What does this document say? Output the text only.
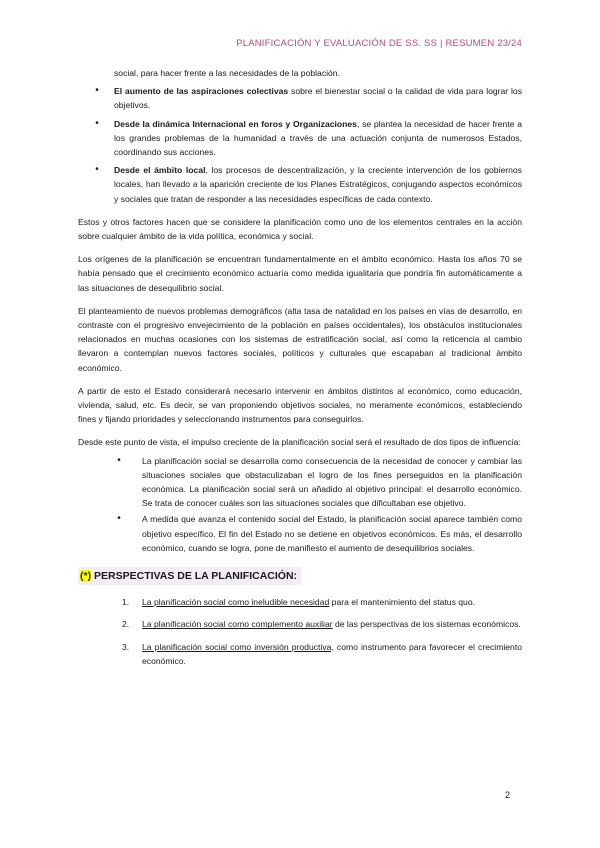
PLANIFICACIÓN Y EVALUACIÓN DE SS. SS | RESUMEN 23/24
social, para hacer frente a las necesidades de la población.
•	El aumento de las aspiraciones colectivas sobre el bienestar social o la calidad de vida para lograr los objetivos.
•	Desde la dinámica Internacional en foros y Organizaciones, se plantea la necesidad de hacer frente a los grandes problemas de la humanidad a través de una actuación conjunta de numerosos Estados, coordinando sus acciones.
•	Desde el ámbito local, los procesos de descentralización, y la creciente intervención de los gobiernos locales, han llevado a la aparición creciente de los Planes Estratégicos, conjugando aspectos económicos y sociales que tratan de responder a las necesidades específicas de cada contexto.

Estos y otros factores hacen que se considere la planificación como uno de los elementos centrales en la acción sobre cualquier ámbito de la vida política, económica y social.

Los orígenes de la planificación se encuentran fundamentalmente en el ámbito económico. Hasta los años 70 se había pensado que el crecimiento económico actuaría como medida igualitaria que pondría fin automáticamente a las situaciones de desequilibrio social.

El planteamiento de nuevos problemas demográficos (alta tasa de natalidad en los países en vías de desarrollo, en contraste con el progresivo envejecimiento de la población en países occidentales), los obstáculos institucionales relacionados en muchas ocasiones con los sistemas de estratificación social, así como la reticencia al cambio llevaron a contemplan nuevos factores sociales, políticos y culturales que escapaban al tradicional ámbito económico.

A partir de esto el Estado considerará necesario intervenir en ámbitos distintos al económico, como educación, vivienda, salud, etc. Es decir, se van proponiendo objetivos sociales, no meramente económicos, estableciendo fines y fijando prioridades y seleccionando instrumentos para conseguirlos.

Desde este punto de vista, el impulso creciente de la planificación social será el resultado de dos tipos de influencia:

•	La planificación social se desarrolla como consecuencia de la necesidad de conocer y cambiar las situaciones sociales que obstaculizaban el logro de los fines perseguidos en la planificación económica. La planificación social será un añadido al objetivo principal: el desarrollo económico. Se trata de conocer cuáles son las situaciones sociales que dificultaban ese objetivo.
•	A medida que avanza el contenido social del Estado, la planificación social aparece también como objetivo específico. El fin del Estado no se detiene en objetivos económicos. Es más, el desarrollo económico, cuando se logra, pone de manifiesto el aumento de desequilibrios sociales.
(*) PERSPECTIVAS DE LA PLANIFICACIÓN:
1. La planificación social como ineludible necesidad para el mantenimiento del status quo.
2. La planificación social como complemento auxiliar de las perspectivas de los sistemas económicos.
3. La planificación social como inversión productiva, como instrumento para favorecer el crecimiento económico.
2
